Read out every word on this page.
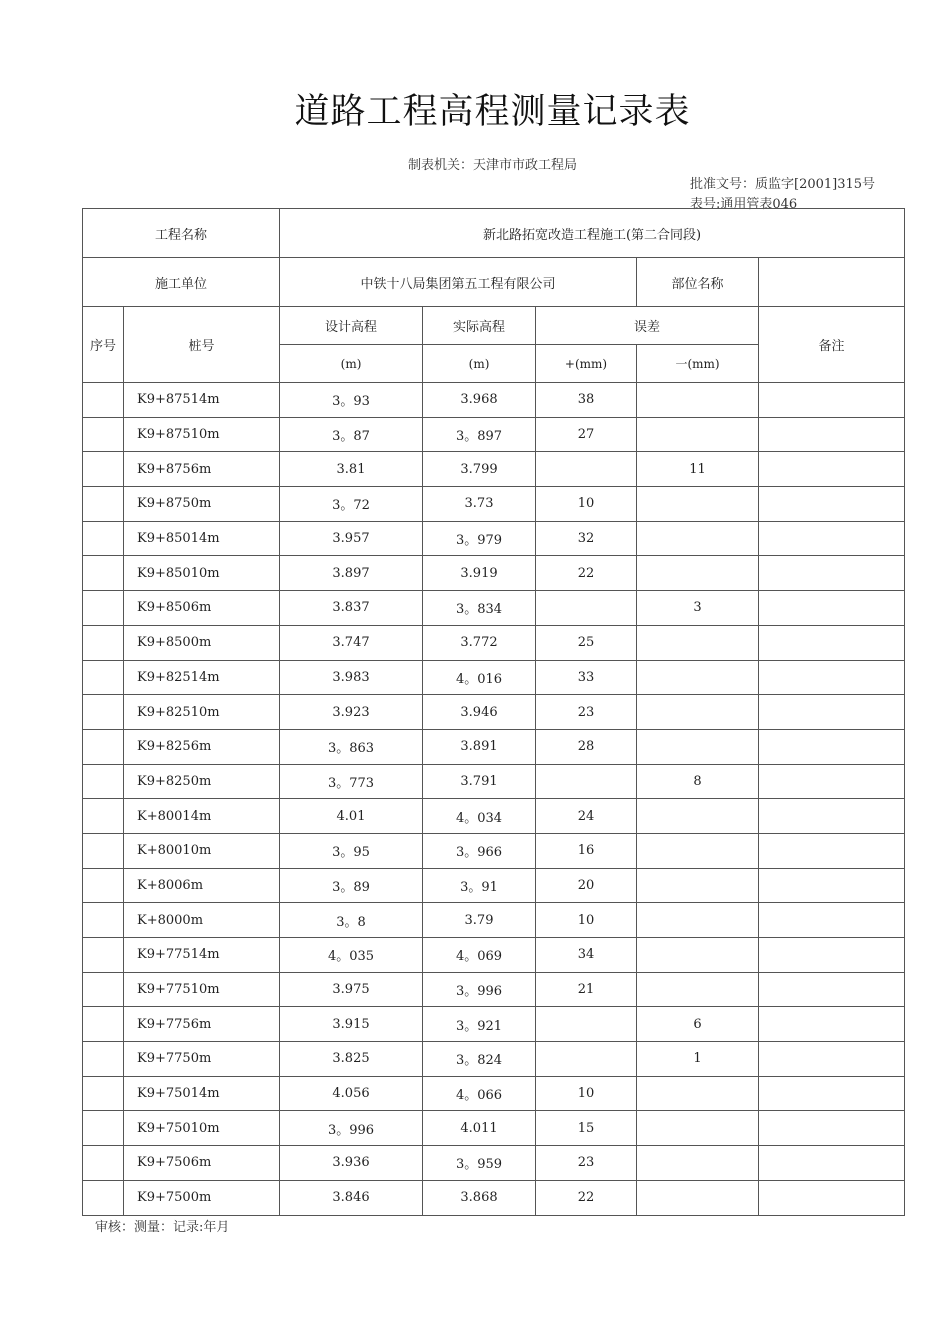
道路工程高程测量记录表
制表机关：天津市市政工程局
批准文号：质监字[2001]315号
表号:通用管表046
工程名称		新北路拓宽改造工程施工(第二合同段)				
施工单位		中铁十八局集团第五工程有限公司			部位名称	
序号	桩号	设计高程	实际高程	误差		备注
		(m)	(m)	+(mm)	一(mm)	
	K9+87514m	3。93	3.968	38		
	K9+87510m	3。87	3。897	27		
	K9+8756m	3.81	3.799		11	
	K9+8750m	3。72	3.73	10		
	K9+85014m	3.957	3。979	32		
	K9+85010m	3.897	3.919	22		
	K9+8506m	3.837	3。834		3	
	K9+8500m	3.747	3.772	25		
	K9+82514m	3.983	4。016	33		
	K9+82510m	3.923	3.946	23		
	K9+8256m	3。863	3.891	28		
	K9+8250m	3。773	3.791		8	
	K+80014m	4.01	4。034	24		
	K+80010m	3。95	3。966	16		
	K+8006m	3。89	3。91	20		
	K+8000m	3。8	3.79	10		
	K9+77514m	4。035	4。069	34		
	K9+77510m	3.975	3。996	21		
	K9+7756m	3.915	3。921		6	
	K9+7750m	3.825	3。824		1	
	K9+75014m	4.056	4。066	10		
	K9+75010m	3。996	4.011	15		
	K9+7506m	3.936	3。959	23		
	K9+7500m	3.846	3.868	22		
审核：测量：记录:年月
